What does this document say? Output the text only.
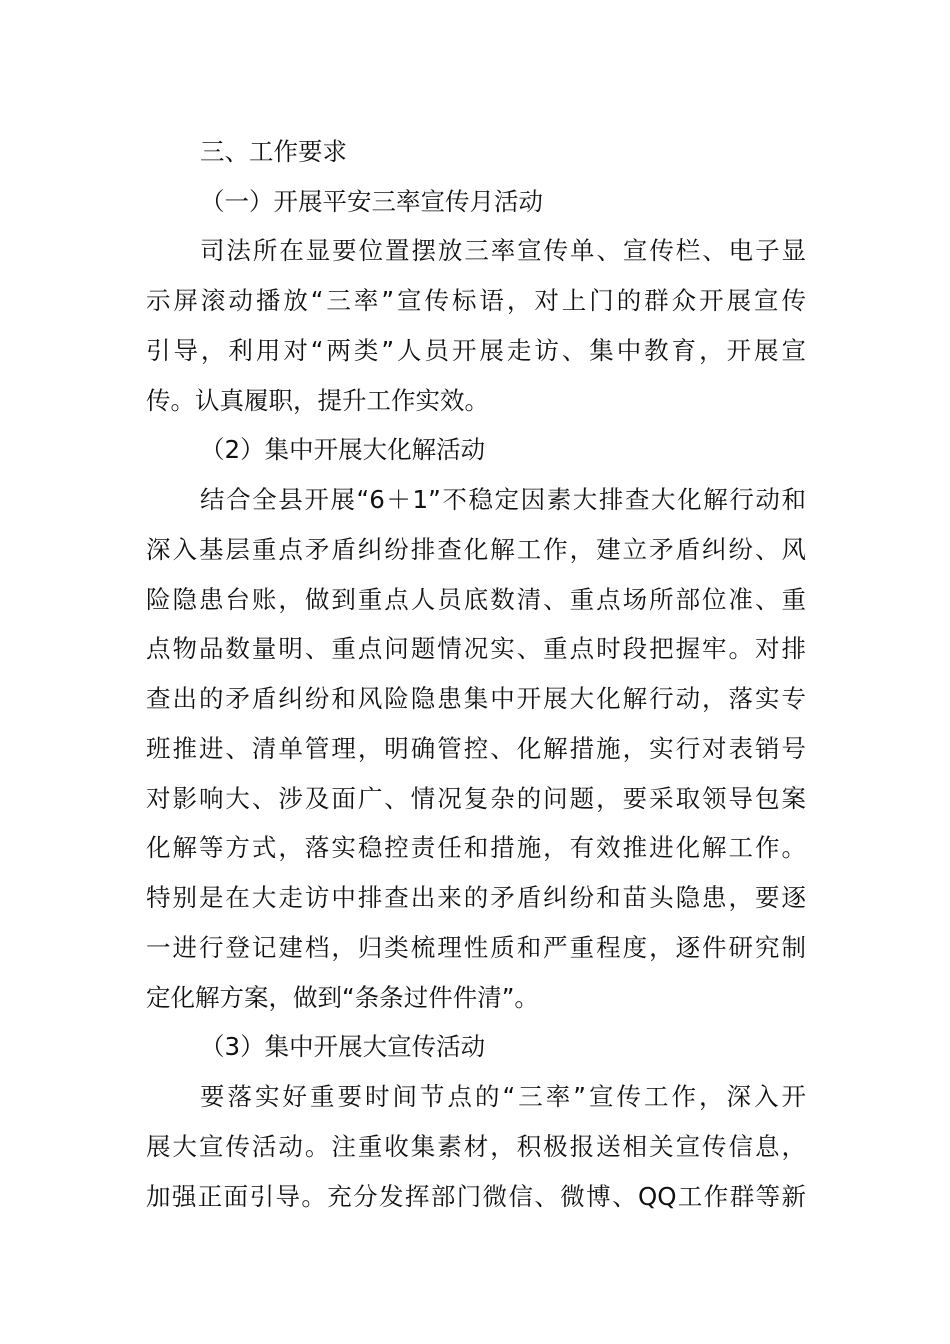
三、工作要求
（一）开展平安三率宣传月活动
司法所在显要位置摆放三率宣传单、宣传栏、电子显
示屏滚动播放“三率”宣传标语，对上门的群众开展宣传
引导，利用对“两类”人员开展走访、集中教育，开展宣
传。认真履职，提升工作实效。
（2）集中开展大化解活动
结合全县开展“6＋1”不稳定因素大排查大化解行动和
深入基层重点矛盾纠纷排查化解工作，建立矛盾纠纷、风
险隐患台账，做到重点人员底数清、重点场所部位准、重
点物品数量明、重点问题情况实、重点时段把握牢。对排
查出的矛盾纠纷和风险隐患集中开展大化解行动，落实专
班推进、清单管理，明确管控、化解措施，实行对表销号
对影响大、涉及面广、情况复杂的问题，要采取领导包案
化解等方式，落实稳控责任和措施，有效推进化解工作。
特别是在大走访中排查出来的矛盾纠纷和苗头隐患，要逐
一进行登记建档，归类梳理性质和严重程度，逐件研究制
定化解方案，做到“条条过件件清”。
（3）集中开展大宣传活动
要落实好重要时间节点的“三率”宣传工作，深入开
展大宣传活动。注重收集素材，积极报送相关宣传信息，
加强正面引导。充分发挥部门微信、微博、QQ工作群等新
